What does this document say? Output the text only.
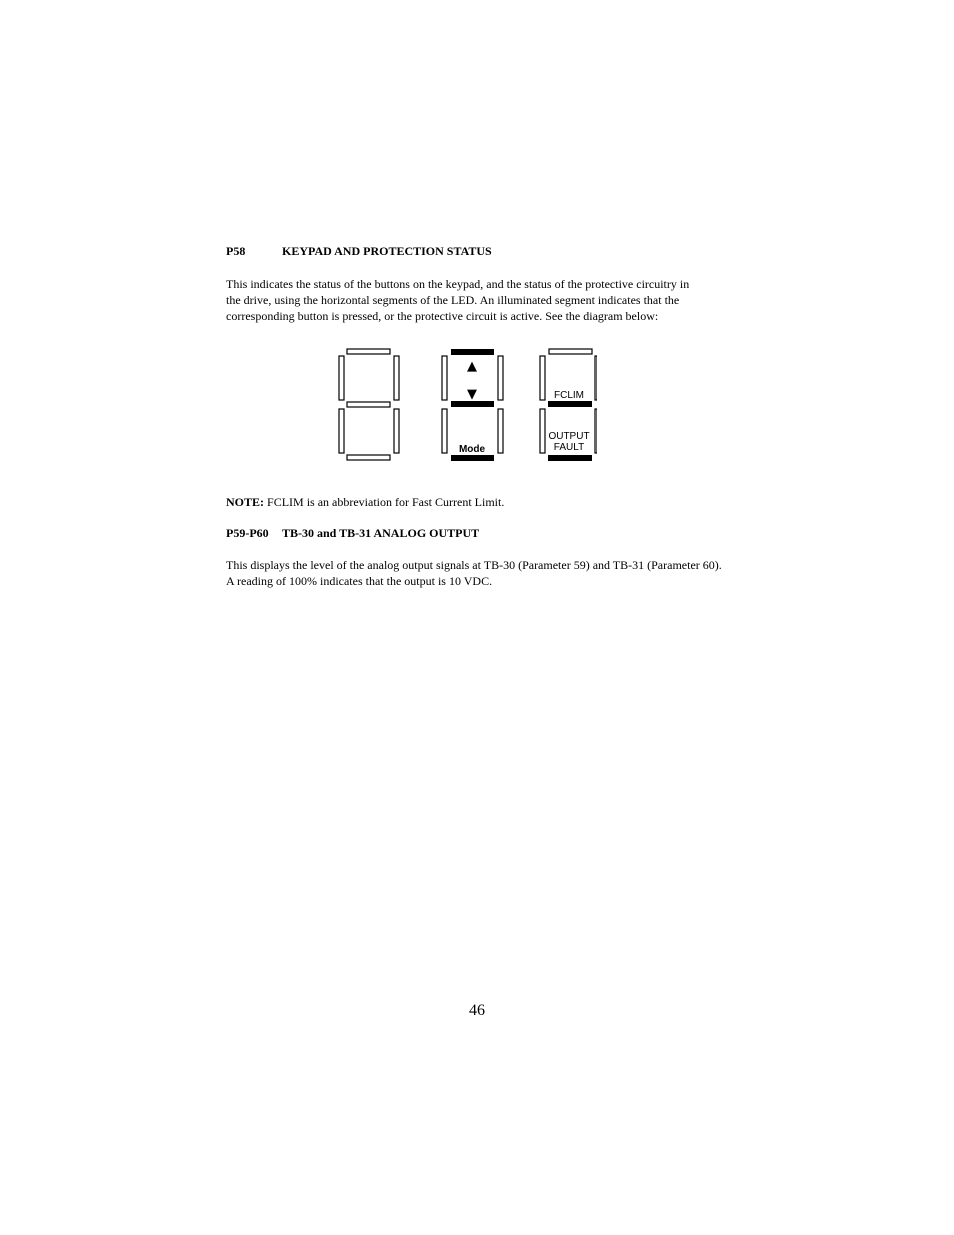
P58	KEYPAD AND PROTECTION STATUS
This indicates the status of the buttons on the keypad, and the status of the protective circuitry in
the drive, using the horizontal segments of the LED. An illuminated segment indicates that the
corresponding button is pressed, or the protective circuit is active. See the diagram below:
▲
▼
Mode
FCLIM
OUTPUT
FAULT
NOTE: FCLIM is an abbreviation for Fast Current Limit.
P59-P60 TB-30 and TB-31 ANALOG OUTPUT
This displays the level of the analog output signals at TB-30 (Parameter 59) and TB-31 (Parameter 60).
A reading of 100% indicates that the output is 10 VDC.
46
